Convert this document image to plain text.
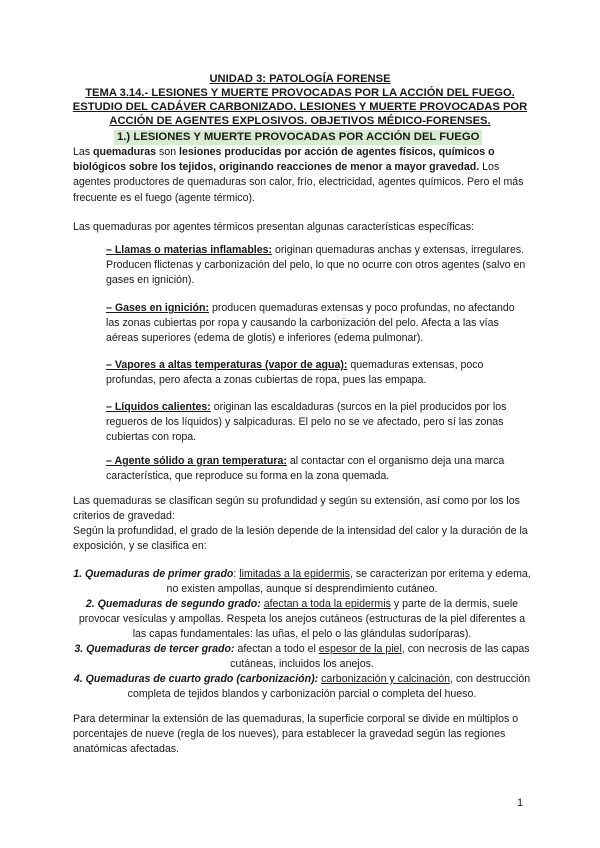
UNIDAD 3: PATOLOGÍA FORENSE
TEMA 3.14.- LESIONES Y MUERTE PROVOCADAS POR LA ACCIÓN DEL FUEGO.
ESTUDIO DEL CADÁVER CARBONIZADO. LESIONES Y MUERTE PROVOCADAS POR
ACCIÓN DE AGENTES EXPLOSIVOS. OBJETIVOS MÉDICO-FORENSES.
1.) LESIONES Y MUERTE PROVOCADAS POR ACCIÓN DEL FUEGO
Las quemaduras son lesiones producidas por acción de agentes físicos, químicos o biológicos sobre los tejidos, originando reacciones de menor a mayor gravedad. Los agentes productores de quemaduras son calor, frío, electricidad, agentes químicos. Pero el más frecuente es el fuego (agente térmico).
Las quemaduras por agentes térmicos presentan algunas características específicas:
– Llamas o materias inflamables: originan quemaduras anchas y extensas, irregulares. Producen flictenas y carbonización del pelo, lo que no ocurre con otros agentes (salvo en gases en ignición).
– Gases en ignición: producen quemaduras extensas y poco profundas, no afectando las zonas cubiertas por ropa y causando la carbonización del pelo. Afecta a las vías aéreas superiores (edema de glotis) e inferiores (edema pulmonar).
– Vapores a altas temperaturas (vapor de agua): quemaduras extensas, poco profundas, pero afecta a zonas cubiertas de ropa, pues las empapa.
– Líquidos calientes: originan las escaldaduras (surcos en la piel producidos por los regueros de los líquidos) y salpicaduras. El pelo no se ve afectado, pero sí las zonas cubiertas con ropa.
– Agente sólido a gran temperatura: al contactar con el organismo deja una marca característica, que reproduce su forma en la zona quemada.
Las quemaduras se clasifican según su profundidad y según su extensión, así como por los los criterios de gravedad:
Según la profundidad, el grado de la lesión depende de la intensidad del calor y la duración de la exposición, y se clasifica en:
1. Quemaduras de primer grado: limitadas a la epidermis, se caracterizan por eritema y edema, no existen ampollas, aunque sí desprendimiento cutáneo.
2. Quemaduras de segundo grado: afectan a toda la epidermis y parte de la dermis, suele provocar vesículas y ampollas. Respeta los anejos cutáneos (estructuras de la piel diferentes a las capas fundamentales: las uñas, el pelo o las glándulas sudoríparas).
3. Quemaduras de tercer grado: afectan a todo el espesor de la piel, con necrosis de las capas cutáneas, incluidos los anejos.
4. Quemaduras de cuarto grado (carbonización): carbonización y calcinación, con destrucción completa de tejidos blandos y carbonización parcial o completa del hueso.
Para determinar la extensión de las quemaduras, la superficie corporal se divide en múltiplos o porcentajes de nueve (regla de los nueves), para establecer la gravedad según las regiones anatómicas afectadas.
1
